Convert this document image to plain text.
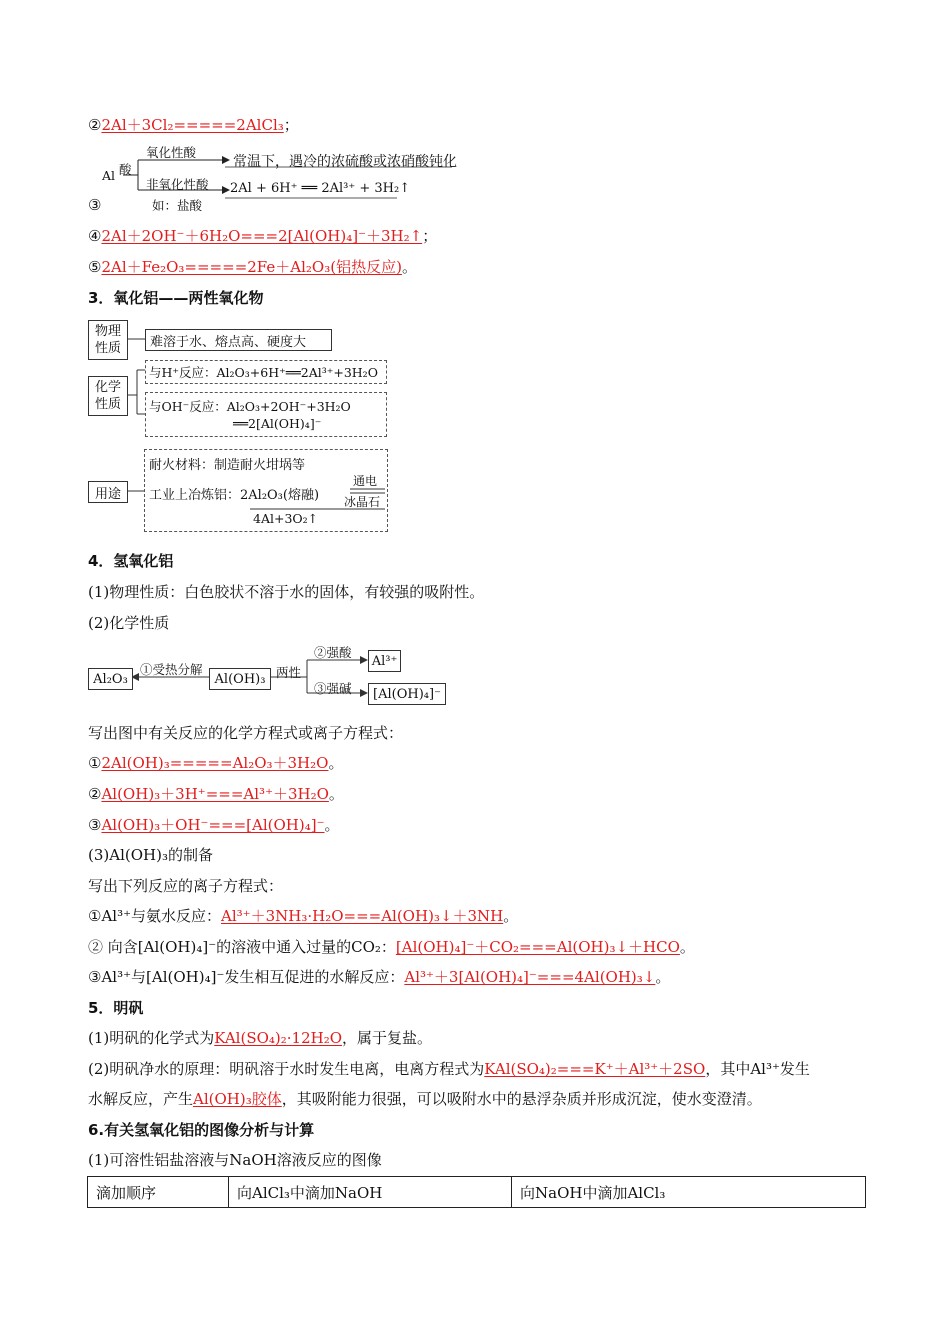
②2Al＋3Cl₂=====2AlCl₃；
Al 酸
氧化性酸
常温下，遇冷的浓硫酸或浓硝酸钝化
非氧化性酸
如：盐酸
2Al + 6H⁺ ══ 2Al³⁺ + 3H₂↑
③
④2Al＋2OH⁻＋6H₂O===2[Al(OH)₄]⁻＋3H₂↑；
⑤2Al＋Fe₂O₃=====2Fe＋Al₂O₃(铝热反应)。
3．氧化铝——两性氧化物
物理性质	难溶于水、熔点高、硬度大
化学性质
与H⁺反应：Al₂O₃+6H⁺══2Al³⁺+3H₂O
与OH⁻反应：Al₂O₃+2OH⁻+3H₂O
══2[Al(OH)₄]⁻
用途
耐火材料：制造耐火坩埚等
工业上冶炼铝：2Al₂O₃(熔融)
通电
冰晶石
4Al+3O₂↑
4．氢氧化铝
(1)物理性质：白色胶状不溶于水的固体，有较强的吸附性。
(2)化学性质
Al₂O₃
①受热分解
Al(OH)₃ 两性
②强酸
Al³⁺
③强碱	[Al(OH)₄]⁻
写出图中有关反应的化学方程式或离子方程式：
①2Al(OH)₃=====Al₂O₃＋3H₂O。
②Al(OH)₃＋3H⁺===Al³⁺＋3H₂O。
③Al(OH)₃＋OH⁻===[Al(OH)₄]⁻。
(3)Al(OH)₃的制备
写出下列反应的离子方程式：
①Al³⁺与氨水反应：Al³⁺＋3NH₃·H₂O===Al(OH)₃↓＋3NH。
② 向含[Al(OH)₄]⁻的溶液中通入过量的CO₂：[Al(OH)₄]⁻＋CO₂===Al(OH)₃↓＋HCO。
③Al³⁺与[Al(OH)₄]⁻发生相互促进的水解反应：Al³⁺＋3[Al(OH)₄]⁻===4Al(OH)₃↓。
5．明矾
(1)明矾的化学式为KAl(SO₄)₂·12H₂O，属于复盐。
(2)明矾净水的原理：明矾溶于水时发生电离，电离方程式为KAl(SO₄)₂===K⁺＋Al³⁺＋2SO，其中Al³⁺发生
水解反应，产生Al(OH)₃胶体，其吸附能力很强，可以吸附水中的悬浮杂质并形成沉淀，使水变澄清。
6.有关氢氧化铝的图像分析与计算
(1)可溶性铝盐溶液与NaOH溶液反应的图像
滴加顺序	向AlCl₃中滴加NaOH	向NaOH中滴加AlCl₃
